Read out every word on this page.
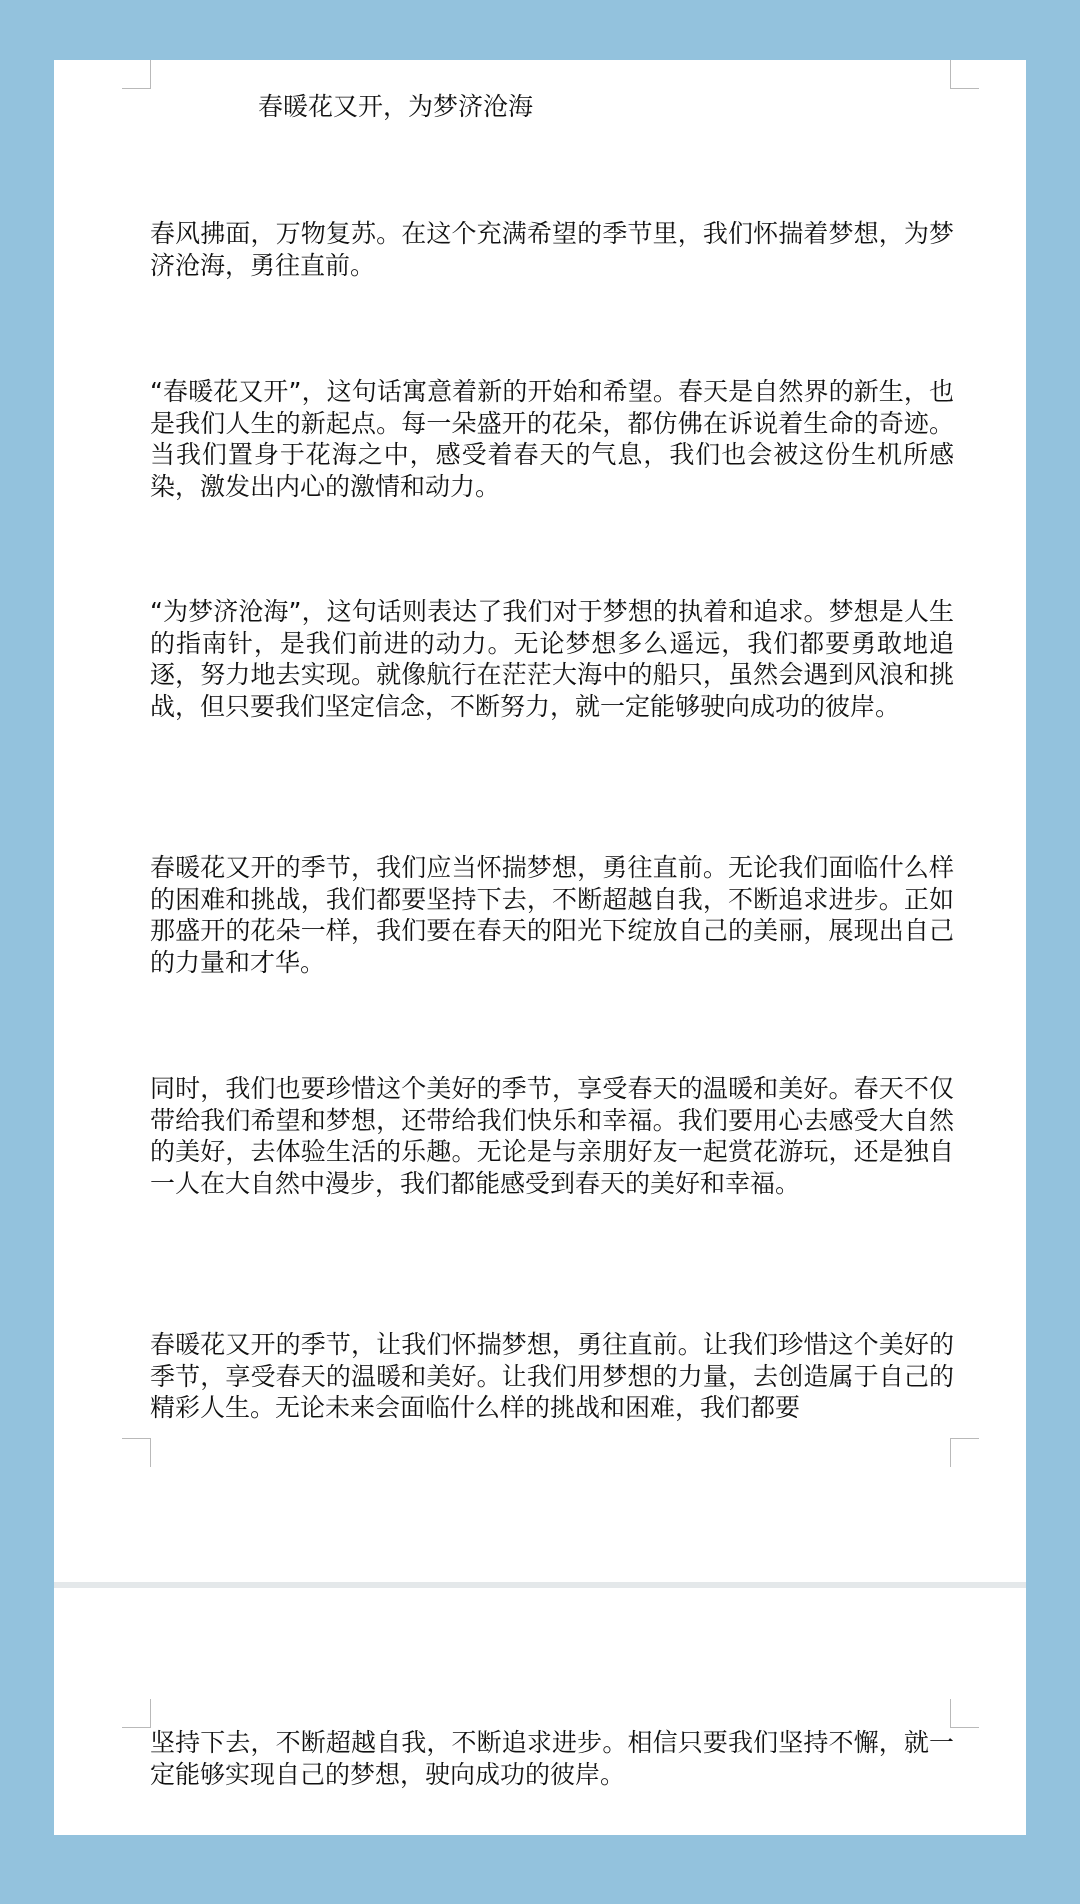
春暖花又开，为梦济沧海

春风拂面，万物复苏。在这个充满希望的季节里，我们怀揣着梦想，为梦济沧海，勇往直前。

“春暖花又开”，这句话寓意着新的开始和希望。春天是自然界的新生，也是我们人生的新起点。每一朵盛开的花朵，都仿佛在诉说着生命的奇迹。当我们置身于花海之中，感受着春天的气息，我们也会被这份生机所感染，激发出内心的激情和动力。

“为梦济沧海”，这句话则表达了我们对于梦想的执着和追求。梦想是人生的指南针，是我们前进的动力。无论梦想多么遥远，我们都要勇敢地追逐，努力地去实现。就像航行在茫茫大海中的船只，虽然会遇到风浪和挑战，但只要我们坚定信念，不断努力，就一定能够驶向成功的彼岸。

春暖花又开的季节，我们应当怀揣梦想，勇往直前。无论我们面临什么样的困难和挑战，我们都要坚持下去，不断超越自我，不断追求进步。正如那盛开的花朵一样，我们要在春天的阳光下绽放自己的美丽，展现出自己的力量和才华。

同时，我们也要珍惜这个美好的季节，享受春天的温暖和美好。春天不仅带给我们希望和梦想，还带给我们快乐和幸福。我们要用心去感受大自然的美好，去体验生活的乐趣。无论是与亲朋好友一起赏花游玩，还是独自一人在大自然中漫步，我们都能感受到春天的美好和幸福。

春暖花又开的季节，让我们怀揣梦想，勇往直前。让我们珍惜这个美好的季节，享受春天的温暖和美好。让我们用梦想的力量，去创造属于自己的精彩人生。无论未来会面临什么样的挑战和困难，我们都要

坚持下去，不断超越自我，不断追求进步。相信只要我们坚持不懈，就一定能够实现自己的梦想，驶向成功的彼岸。
